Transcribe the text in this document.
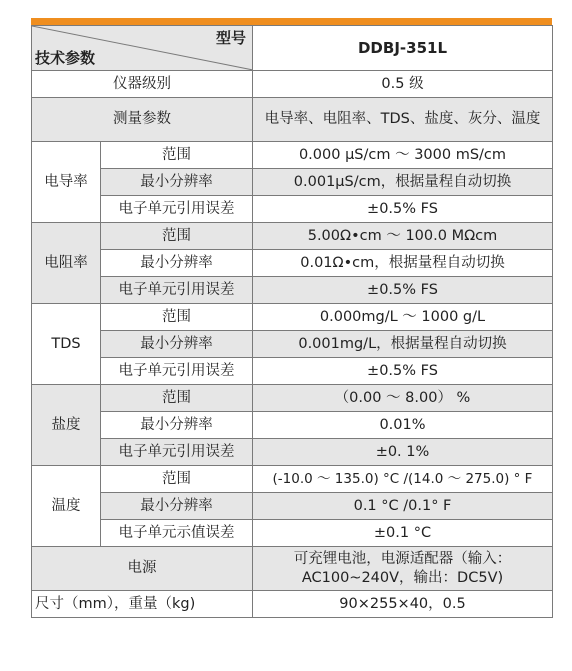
型号
技术参数		DDBJ-351L
仪器级别		0.5 级
测量参数		电导率、电阻率、TDS、盐度、灰分、温度
电导率	范围	0.000 μS/cm ～ 3000 mS/cm
	最小分辨率	0.001μS/cm，根据量程自动切换
	电子单元引用误差	±0.5% FS
电阻率	范围	5.00Ω•cm ～ 100.0 MΩcm
	最小分辨率	0.01Ω•cm，根据量程自动切换
	电子单元引用误差	±0.5% FS
TDS	范围	0.000mg/L ～ 1000 g/L
	最小分辨率	0.001mg/L，根据量程自动切换
	电子单元引用误差	±0.5% FS
盐度	范围	（0.00 ～ 8.00） %
	最小分辨率	0.01%
	电子单元引用误差	±0. 1%
温度	范围	(-10.0 ～ 135.0) °C /(14.0 ～ 275.0) ° F
	最小分辨率	0.1 °C /0.1° F
	电子单元示值误差	±0.1 °C
电源		可充锂电池，电源适配器（输入：AC100~240V，输出：DC5V)
尺寸（mm），重量（kg)		90×255×40，0.5
